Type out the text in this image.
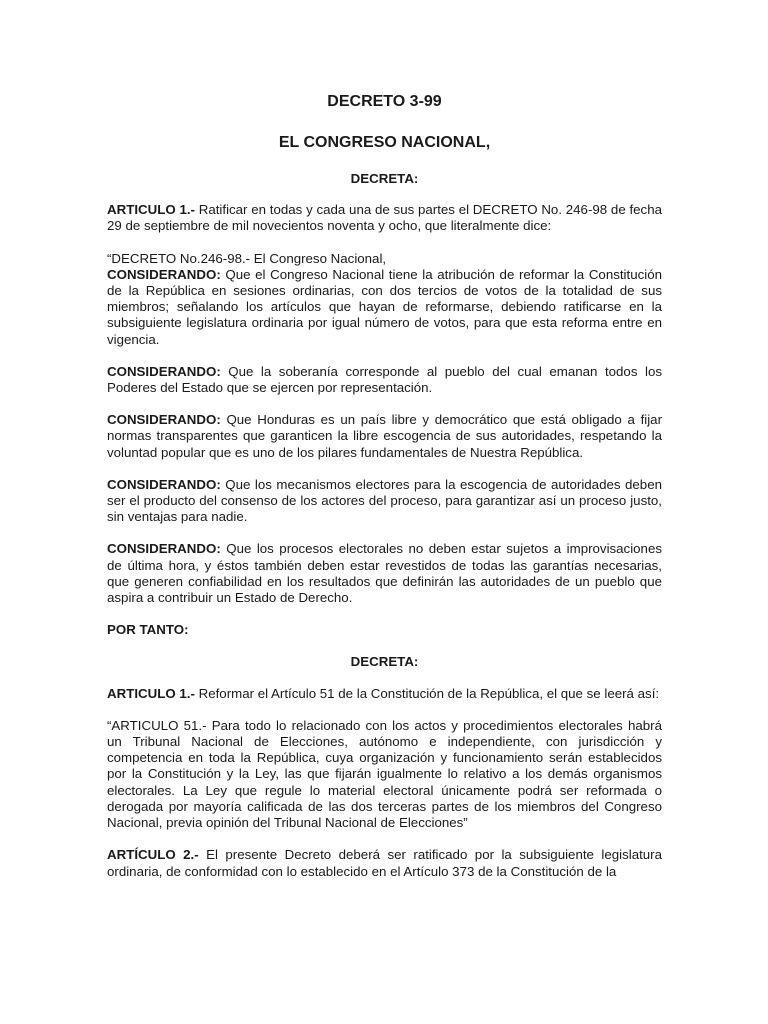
DECRETO 3-99
EL CONGRESO NACIONAL,
DECRETA:

ARTICULO 1.- Ratificar en todas y cada una de sus partes el DECRETO No. 246-98 de fecha 29 de septiembre de mil novecientos noventa y ocho, que literalmente dice:

“DECRETO No.246-98.- El Congreso Nacional,

CONSIDERANDO: Que el Congreso Nacional tiene la atribución de reformar la Constitución de la República en sesiones ordinarias, con dos tercios de votos de la totalidad de sus miembros; señalando los artículos que hayan de reformarse, debiendo ratificarse en la subsiguiente legislatura ordinaria por igual número de votos, para que esta reforma entre en vigencia.

CONSIDERANDO: Que la soberanía corresponde al pueblo del cual emanan todos los Poderes del Estado que se ejercen por representación.

CONSIDERANDO: Que Honduras es un país libre y democrático que está obligado a fijar normas transparentes que garanticen la libre escogencia de sus autoridades, respetando la voluntad popular que es uno de los pilares fundamentales de Nuestra República.

CONSIDERANDO: Que los mecanismos electores para la escogencia de autoridades deben ser el producto del consenso de los actores del proceso, para garantizar así un proceso justo, sin ventajas para nadie.

CONSIDERANDO: Que los procesos electorales no deben estar sujetos a improvisaciones de última hora, y éstos también deben estar revestidos de todas las garantías necesarias, que generen confiabilidad en los resultados que definirán las autoridades de un pueblo que aspira a contribuir un Estado de Derecho.

POR TANTO:

DECRETA:

ARTICULO 1.- Reformar el Artículo 51 de la Constitución de la República, el que se leerá así:

“ARTICULO 51.- Para todo lo relacionado con los actos y procedimientos electorales habrá un Tribunal Nacional de Elecciones, autónomo e independiente, con jurisdicción y competencia en toda la República, cuya organización y funcionamiento serán establecidos por la Constitución y la Ley, las que fijarán igualmente lo relativo a los demás organismos electorales. La Ley que regule lo material electoral únicamente podrá ser reformada o derogada por mayoría calificada de las dos terceras partes de los miembros del Congreso Nacional, previa opinión del Tribunal Nacional de Elecciones”

ARTÍCULO 2.- El presente Decreto deberá ser ratificado por la subsiguiente legislatura ordinaria, de conformidad con lo establecido en el Artículo 373 de la Constitución de la
